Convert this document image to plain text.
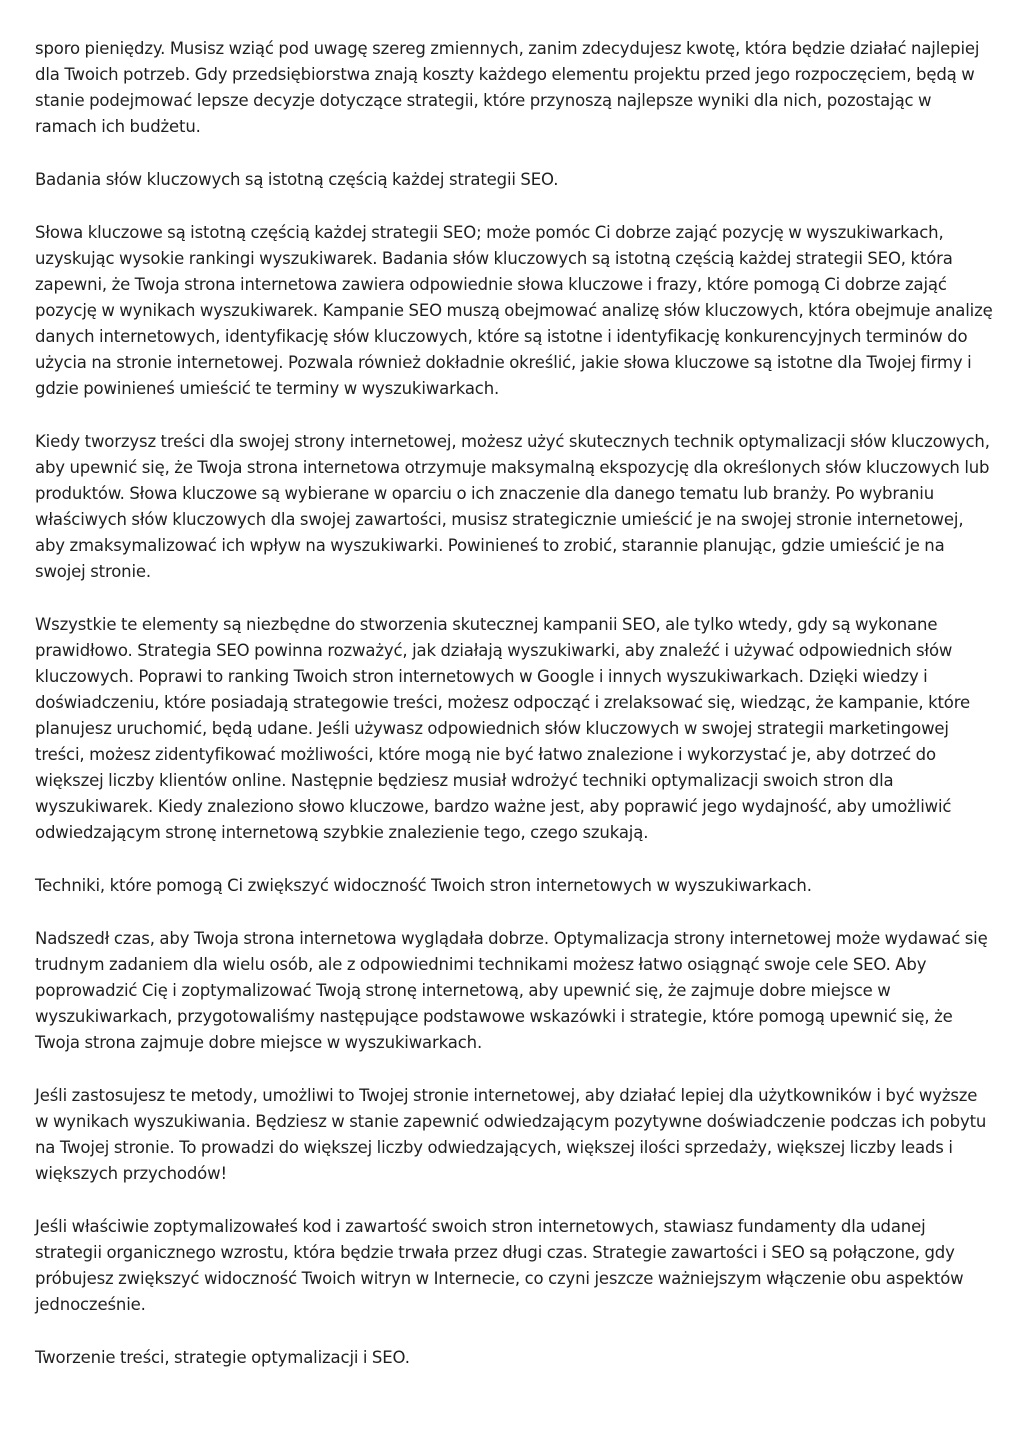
sporo pieniędzy. Musisz wziąć pod uwagę szereg zmiennych, zanim zdecydujesz kwotę, która będzie działać najlepiej dla Twoich potrzeb. Gdy przedsiębiorstwa znają koszty każdego elementu projektu przed jego rozpoczęciem, będą w stanie podejmować lepsze decyzje dotyczące strategii, które przynoszą najlepsze wyniki dla nich, pozostając w ramach ich budżetu.

Badania słów kluczowych są istotną częścią każdej strategii SEO.

Słowa kluczowe są istotną częścią każdej strategii SEO; może pomóc Ci dobrze zająć pozycję w wyszukiwarkach, uzyskując wysokie rankingi wyszukiwarek. Badania słów kluczowych są istotną częścią każdej strategii SEO, która zapewni, że Twoja strona internetowa zawiera odpowiednie słowa kluczowe i frazy, które pomogą Ci dobrze zająć pozycję w wynikach wyszukiwarek. Kampanie SEO muszą obejmować analizę słów kluczowych, która obejmuje analizę danych internetowych, identyfikację słów kluczowych, które są istotne i identyfikację konkurencyjnych terminów do użycia na stronie internetowej. Pozwala również dokładnie określić, jakie słowa kluczowe są istotne dla Twojej firmy i gdzie powinieneś umieścić te terminy w wyszukiwarkach.

Kiedy tworzysz treści dla swojej strony internetowej, możesz użyć skutecznych technik optymalizacji słów kluczowych, aby upewnić się, że Twoja strona internetowa otrzymuje maksymalną ekspozycję dla określonych słów kluczowych lub produktów. Słowa kluczowe są wybierane w oparciu o ich znaczenie dla danego tematu lub branży. Po wybraniu właściwych słów kluczowych dla swojej zawartości, musisz strategicznie umieścić je na swojej stronie internetowej, aby zmaksymalizować ich wpływ na wyszukiwarki. Powinieneś to zrobić, starannie planując, gdzie umieścić je na swojej stronie.

Wszystkie te elementy są niezbędne do stworzenia skutecznej kampanii SEO, ale tylko wtedy, gdy są wykonane prawidłowo. Strategia SEO powinna rozważyć, jak działają wyszukiwarki, aby znaleźć i używać odpowiednich słów kluczowych. Poprawi to ranking Twoich stron internetowych w Google i innych wyszukiwarkach. Dzięki wiedzy i doświadczeniu, które posiadają strategowie treści, możesz odpocząć i zrelaksować się, wiedząc, że kampanie, które planujesz uruchomić, będą udane. Jeśli używasz odpowiednich słów kluczowych w swojej strategii marketingowej treści, możesz zidentyfikować możliwości, które mogą nie być łatwo znalezione i wykorzystać je, aby dotrzeć do większej liczby klientów online. Następnie będziesz musiał wdrożyć techniki optymalizacji swoich stron dla wyszukiwarek. Kiedy znaleziono słowo kluczowe, bardzo ważne jest, aby poprawić jego wydajność, aby umożliwić odwiedzającym stronę internetową szybkie znalezienie tego, czego szukają.

Techniki, które pomogą Ci zwiększyć widoczność Twoich stron internetowych w wyszukiwarkach.

Nadszedł czas, aby Twoja strona internetowa wyglądała dobrze. Optymalizacja strony internetowej może wydawać się trudnym zadaniem dla wielu osób, ale z odpowiednimi technikami możesz łatwo osiągnąć swoje cele SEO. Aby poprowadzić Cię i zoptymalizować Twoją stronę internetową, aby upewnić się, że zajmuje dobre miejsce w wyszukiwarkach, przygotowaliśmy następujące podstawowe wskazówki i strategie, które pomogą upewnić się, że Twoja strona zajmuje dobre miejsce w wyszukiwarkach.

Jeśli zastosujesz te metody, umożliwi to Twojej stronie internetowej, aby działać lepiej dla użytkowników i być wyższe w wynikach wyszukiwania. Będziesz w stanie zapewnić odwiedzającym pozytywne doświadczenie podczas ich pobytu na Twojej stronie. To prowadzi do większej liczby odwiedzających, większej ilości sprzedaży, większej liczby leads i większych przychodów!

Jeśli właściwie zoptymalizowałeś kod i zawartość swoich stron internetowych, stawiasz fundamenty dla udanej strategii organicznego wzrostu, która będzie trwała przez długi czas. Strategie zawartości i SEO są połączone, gdy próbujesz zwiększyć widoczność Twoich witryn w Internecie, co czyni jeszcze ważniejszym włączenie obu aspektów jednocześnie.

Tworzenie treści, strategie optymalizacji i SEO.
